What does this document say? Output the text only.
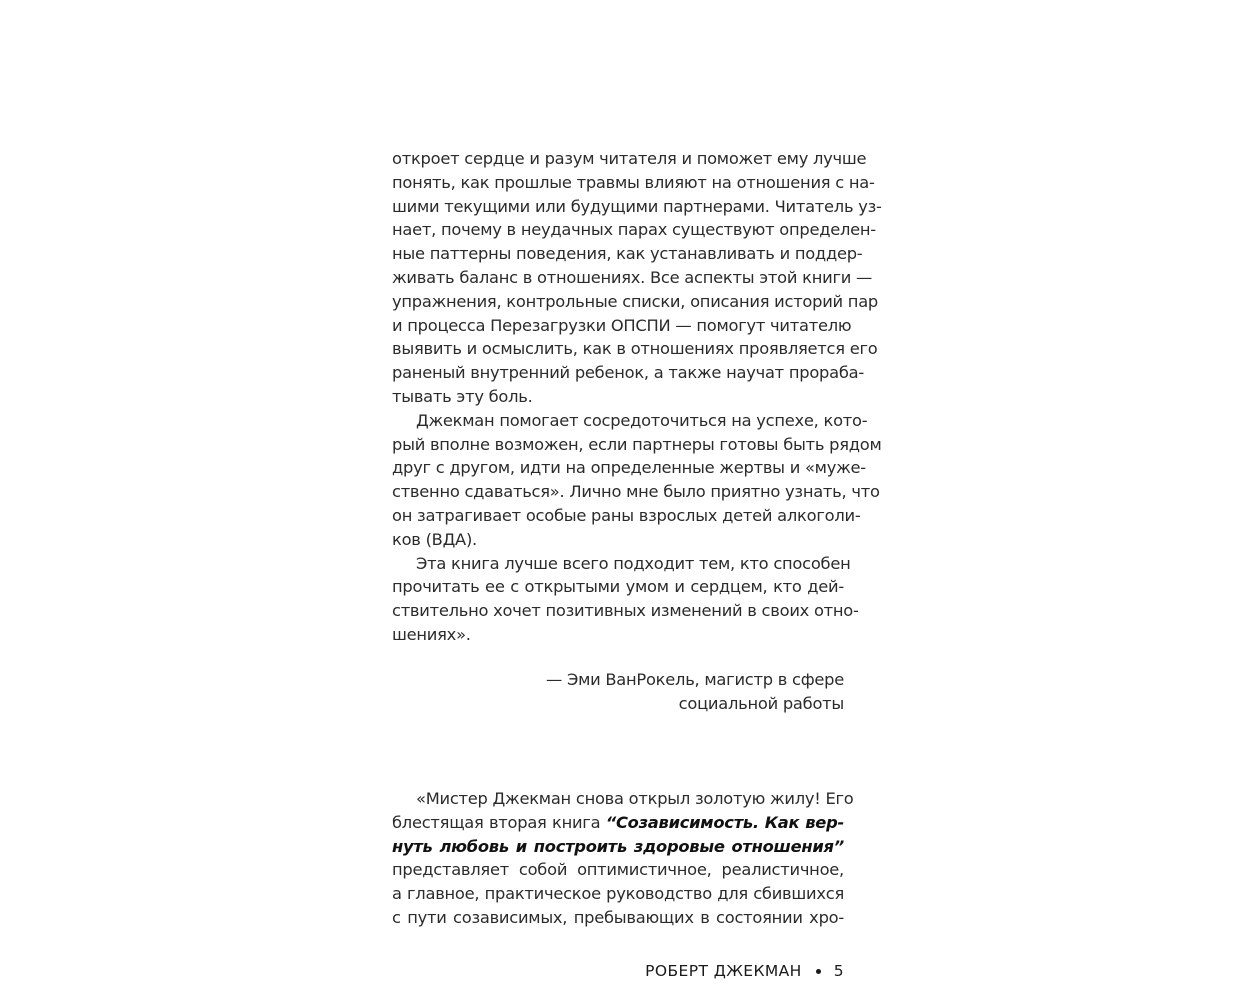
откроет сердце и разум читателя и поможет ему лучше
понять, как прошлые травмы влияют на отношения с на-
шими текущими или будущими партнерами. Читатель уз-
нает, почему в неудачных парах существуют определен-
ные паттерны поведения, как устанавливать и поддер-
живать баланс в отношениях. Все аспекты этой книги —
упражнения, контрольные списки, описания историй пар
и процесса Перезагрузки ОПСПИ — помогут читателю
выявить и осмыслить, как в отношениях проявляется его
раненый внутренний ребенок, а также научат прораба-
тывать эту боль.
Джекман помогает сосредоточиться на успехе, кото-
рый вполне возможен, если партнеры готовы быть рядом
друг с другом, идти на определенные жертвы и «муже-
ственно сдаваться». Лично мне было приятно узнать, что
он затрагивает особые раны взрослых детей алкоголи-
ков (ВДА).
Эта книга лучше всего подходит тем, кто способен
прочитать ее с открытыми умом и сердцем, кто дей-
ствительно хочет позитивных изменений в своих отно-
шениях».
— Эми ВанРокель, магистр в сфере
социальной работы
«Мистер Джекман снова открыл золотую жилу! Его
блестящая вторая книга “Созависимость. Как вер-
нуть любовь и построить здоровые отношения”
представляет собой оптимистичное, реалистичное,
а главное, практическое руководство для сбившихся
с пути созависимых, пребывающих в состоянии хро-
РОБЕРТ ДЖЕКМАН 5
